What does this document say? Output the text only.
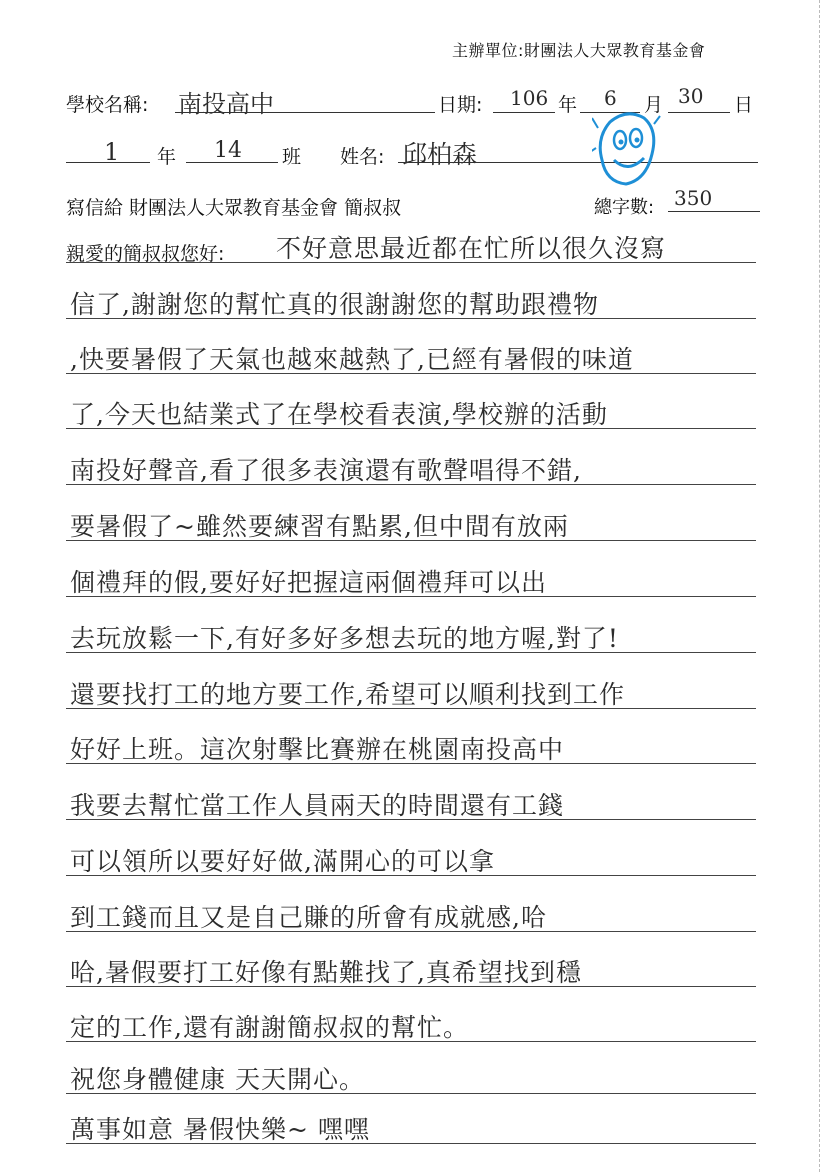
主辦單位:財團法人大眾教育基金會
學校名稱: 南投高中	日期: 106 年 6 月 30 日
1 年 14 班 姓名: 邱柏森
寫信給 財團法人大眾教育基金會 簡叔叔	總字數: 350
親愛的簡叔叔您好: 不好意思最近都在忙所以很久沒寫
信了,謝謝您的幫忙真的很謝謝您的幫助跟禮物
,快要暑假了天氣也越來越熱了,已經有暑假的味道
了,今天也結業式了在學校看表演,學校辦的活動
南投好聲音,看了很多表演還有歌聲唱得不錯,
要暑假了~雖然要練習有點累,但中間有放兩
個禮拜的假,要好好把握這兩個禮拜可以出
去玩放鬆一下,有好多好多想去玩的地方喔,對了!
還要找打工的地方要工作,希望可以順利找到工作
好好上班。這次射擊比賽辦在桃園南投高中
我要去幫忙當工作人員兩天的時間還有工錢
可以領所以要好好做,滿開心的可以拿
到工錢而且又是自己賺的所會有成就感,哈
哈,暑假要打工好像有點難找了,真希望找到穩
定的工作,還有謝謝簡叔叔的幫忙。
祝您身體健康 天天開心。
萬事如意 暑假快樂~ 嘿嘿
